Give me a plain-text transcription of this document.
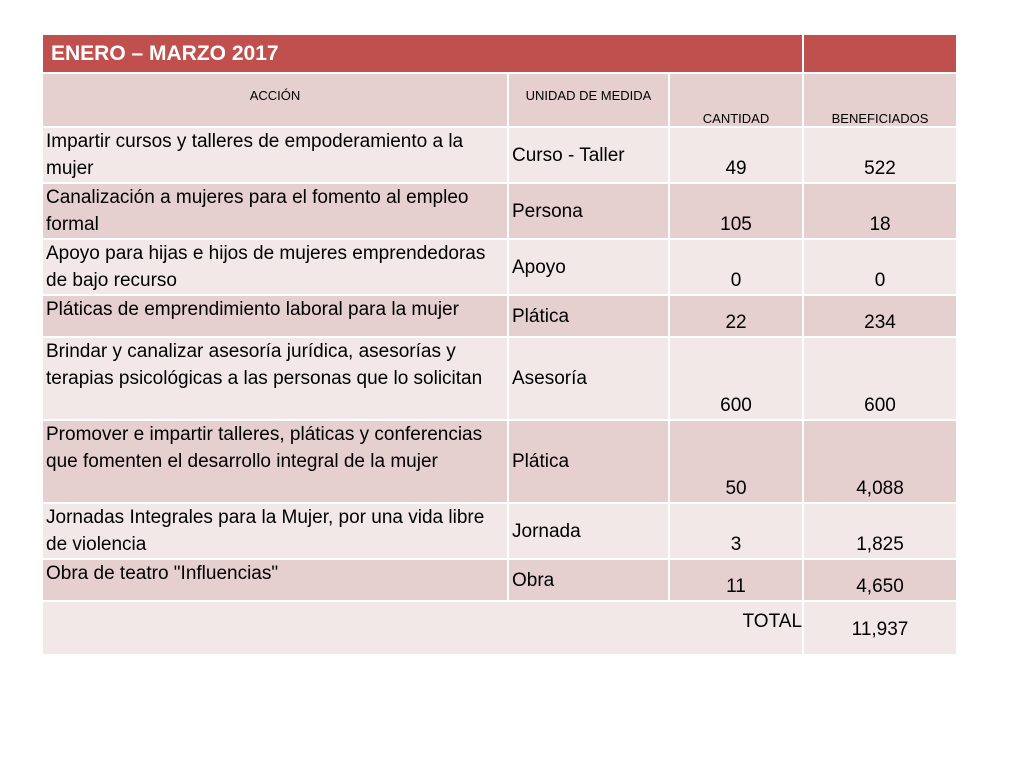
ENERO – MARZO 2017			
ACCIÓN	UNIDAD DE MEDIDA	CANTIDAD	BENEFICIADOS
Impartir cursos y talleres de empoderamiento a la mujer	Curso - Taller	49	522
Canalización a mujeres para el fomento al empleo formal	Persona	105	18
Apoyo para hijas e hijos de mujeres emprendedoras de bajo recurso	Apoyo	0	0
Pláticas de emprendimiento laboral para la mujer	Plática	22	234
Brindar y canalizar asesoría jurídica, asesorías y terapias psicológicas a las personas que lo solicitan	Asesoría	600	600
Promover e impartir talleres, pláticas y conferencias que fomenten el desarrollo integral de la mujer	Plática	50	4,088
Jornadas Integrales para la Mujer, por una vida libre de violencia	Jornada	3	1,825
Obra de teatro "Influencias"	Obra	11	4,650
TOTAL			11,937
